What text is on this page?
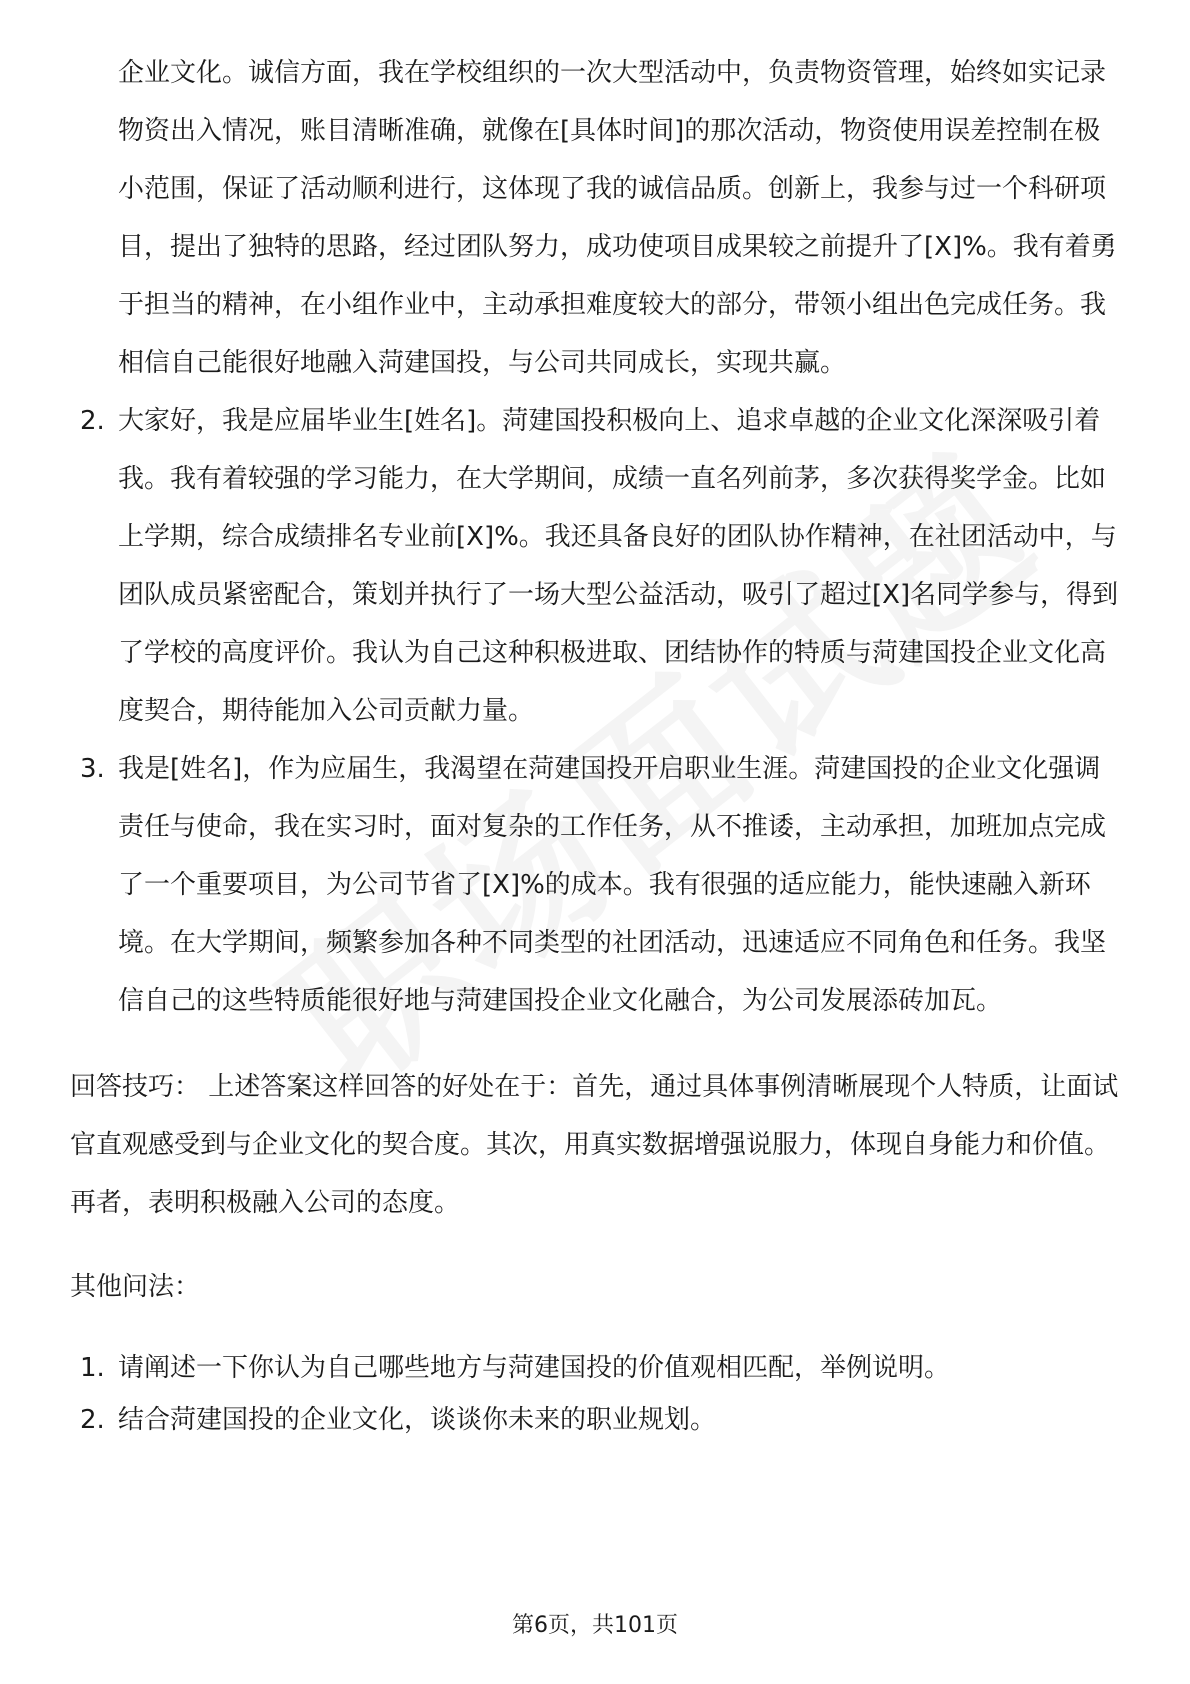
企业文化。诚信方面，我在学校组织的一次大型活动中，负责物资管理，始终如实记录物资出入情况，账目清晰准确，就像在[具体时间]的那次活动，物资使用误差控制在极小范围，保证了活动顺利进行，这体现了我的诚信品质。创新上，我参与过一个科研项目，提出了独特的思路，经过团队努力，成功使项目成果较之前提升了[X]%。我有着勇于担当的精神，在小组作业中，主动承担难度较大的部分，带领小组出色完成任务。我相信自己能很好地融入菏建国投，与公司共同成长，实现共赢。

2. 大家好，我是应届毕业生[姓名]。菏建国投积极向上、追求卓越的企业文化深深吸引着我。我有着较强的学习能力，在大学期间，成绩一直名列前茅，多次获得奖学金。比如上学期，综合成绩排名专业前[X]%。我还具备良好的团队协作精神，在社团活动中，与团队成员紧密配合，策划并执行了一场大型公益活动，吸引了超过[X]名同学参与，得到了学校的高度评价。我认为自己这种积极进取、团结协作的特质与菏建国投企业文化高度契合，期待能加入公司贡献力量。
3. 我是[姓名]，作为应届生，我渴望在菏建国投开启职业生涯。菏建国投的企业文化强调责任与使命，我在实习时，面对复杂的工作任务，从不推诿，主动承担，加班加点完成了一个重要项目，为公司节省了[X]%的成本。我有很强的适应能力，能快速融入新环境。在大学期间，频繁参加各种不同类型的社团活动，迅速适应不同角色和任务。我坚信自己的这些特质能很好地与菏建国投企业文化融合，为公司发展添砖加瓦。

回答技巧： 上述答案这样回答的好处在于：首先，通过具体事例清晰展现个人特质，让面试官直观感受到与企业文化的契合度。其次，用真实数据增强说服力，体现自身能力和价值。再者，表明积极融入公司的态度。

其他问法：

1. 请阐述一下你认为自己哪些地方与菏建国投的价值观相匹配，举例说明。
2. 结合菏建国投的企业文化，谈谈你未来的职业规划。
第6页，共101页
